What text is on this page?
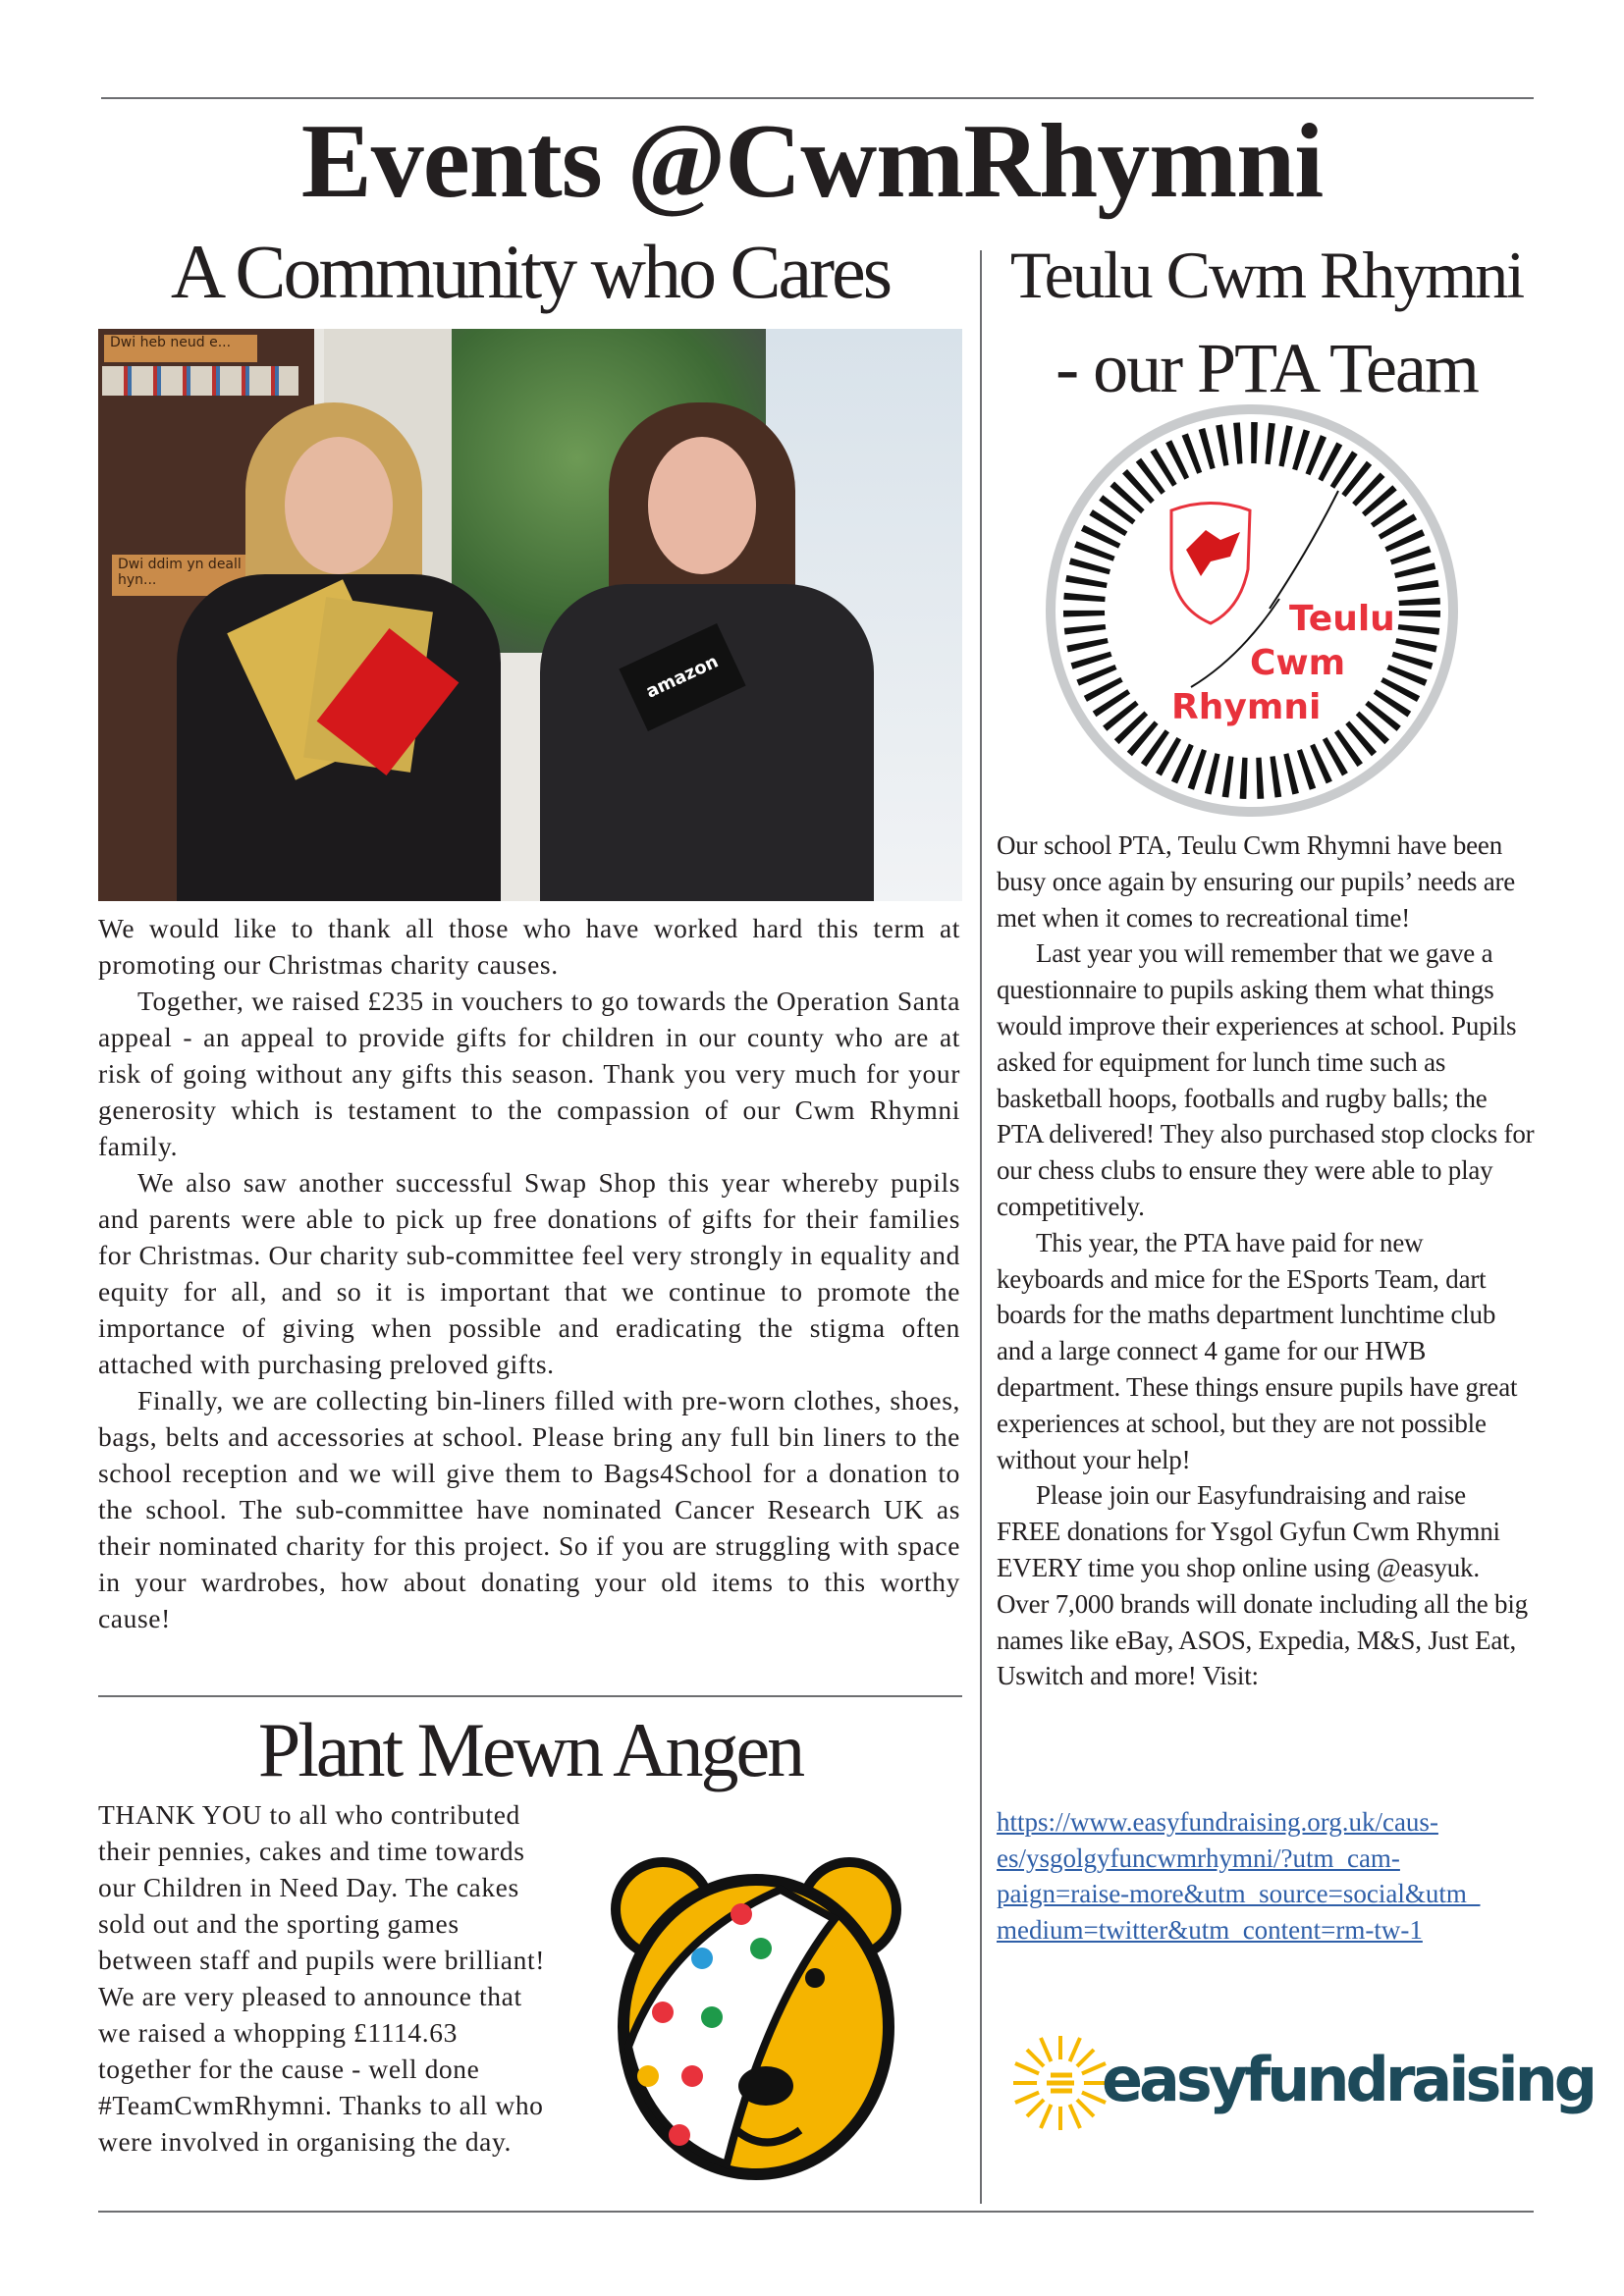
Events @CwmRhymni
A Community who Cares
Dwi heb neud e...
Dwi ddim yn deall hyn...
amazon

We would like to thank all those who have worked hard this term at promoting our Christmas charity causes.

Together, we raised £235 in vouchers to go towards the Operation Santa appeal - an appeal to provide gifts for children in our county who are at risk of going without any gifts this season. Thank you very much for your generosity which is testament to the compassion of our Cwm Rhymni family.

We also saw another successful Swap Shop this year whereby pupils and parents were able to pick up free donations of gifts for their families for Christmas. Our charity sub-committee feel very strongly in equality and equity for all, and so it is important that we continue to promote the importance of giving when possible and eradicating the stigma often attached with purchasing preloved gifts.

Finally, we are collecting bin-liners filled with pre-worn clothes, shoes, bags, belts and accessories at school. Please bring any full bin liners to the school reception and we will give them to Bags4School for a donation to the school. The sub-committee have nominated Cancer Research UK as their nominated charity for this project. So if you are struggling with space in your wardrobes, how about donating your old items to this worthy cause!

Plant Mewn Angen
THANK YOU to all who contributed their pennies, cakes and time towards our Children in Need Day. The cakes sold out and the sporting games between staff and pupils were brilliant! We are very pleased to announce that we raised a whopping £1114.63 together for the cause - well done #TeamCwmRhymni. Thanks to all who were involved in organising the day.
Teulu Cwm Rhymni
- our PTA Team
Teulu
Cwm
Rhymni

Our school PTA, Teulu Cwm Rhymni have been busy once again by ensuring our pupils’ needs are met when it comes to recreational time!

Last year you will remember that we gave a questionnaire to pupils asking them what things would improve their experiences at school. Pupils asked for equipment for lunch time such as basketball hoops, footballs and rugby balls; the PTA delivered! They also purchased stop clocks for our chess clubs to ensure they were able to play competitively.

This year, the PTA have paid for new keyboards and mice for the ESports Team, dart boards for the maths department lunchtime club and a large connect 4 game for our HWB department. These things ensure pupils have great experiences at school, but they are not possible without your help!

Please join our Easyfundraising and raise FREE donations for Ysgol Gyfun Cwm Rhymni EVERY time you shop online using @easyuk. Over 7,000 brands will donate including all the big names like eBay, ASOS, Expedia, M&S, Just Eat, Uswitch and more! Visit:

https://www.easyfundraising.org.uk/caus-
es/ysgolgyfuncwmrhymni/?utm_cam-
paign=raise-more&utm_source=social&utm_
medium=twitter&utm_content=rm-tw-1
easyfundraising
